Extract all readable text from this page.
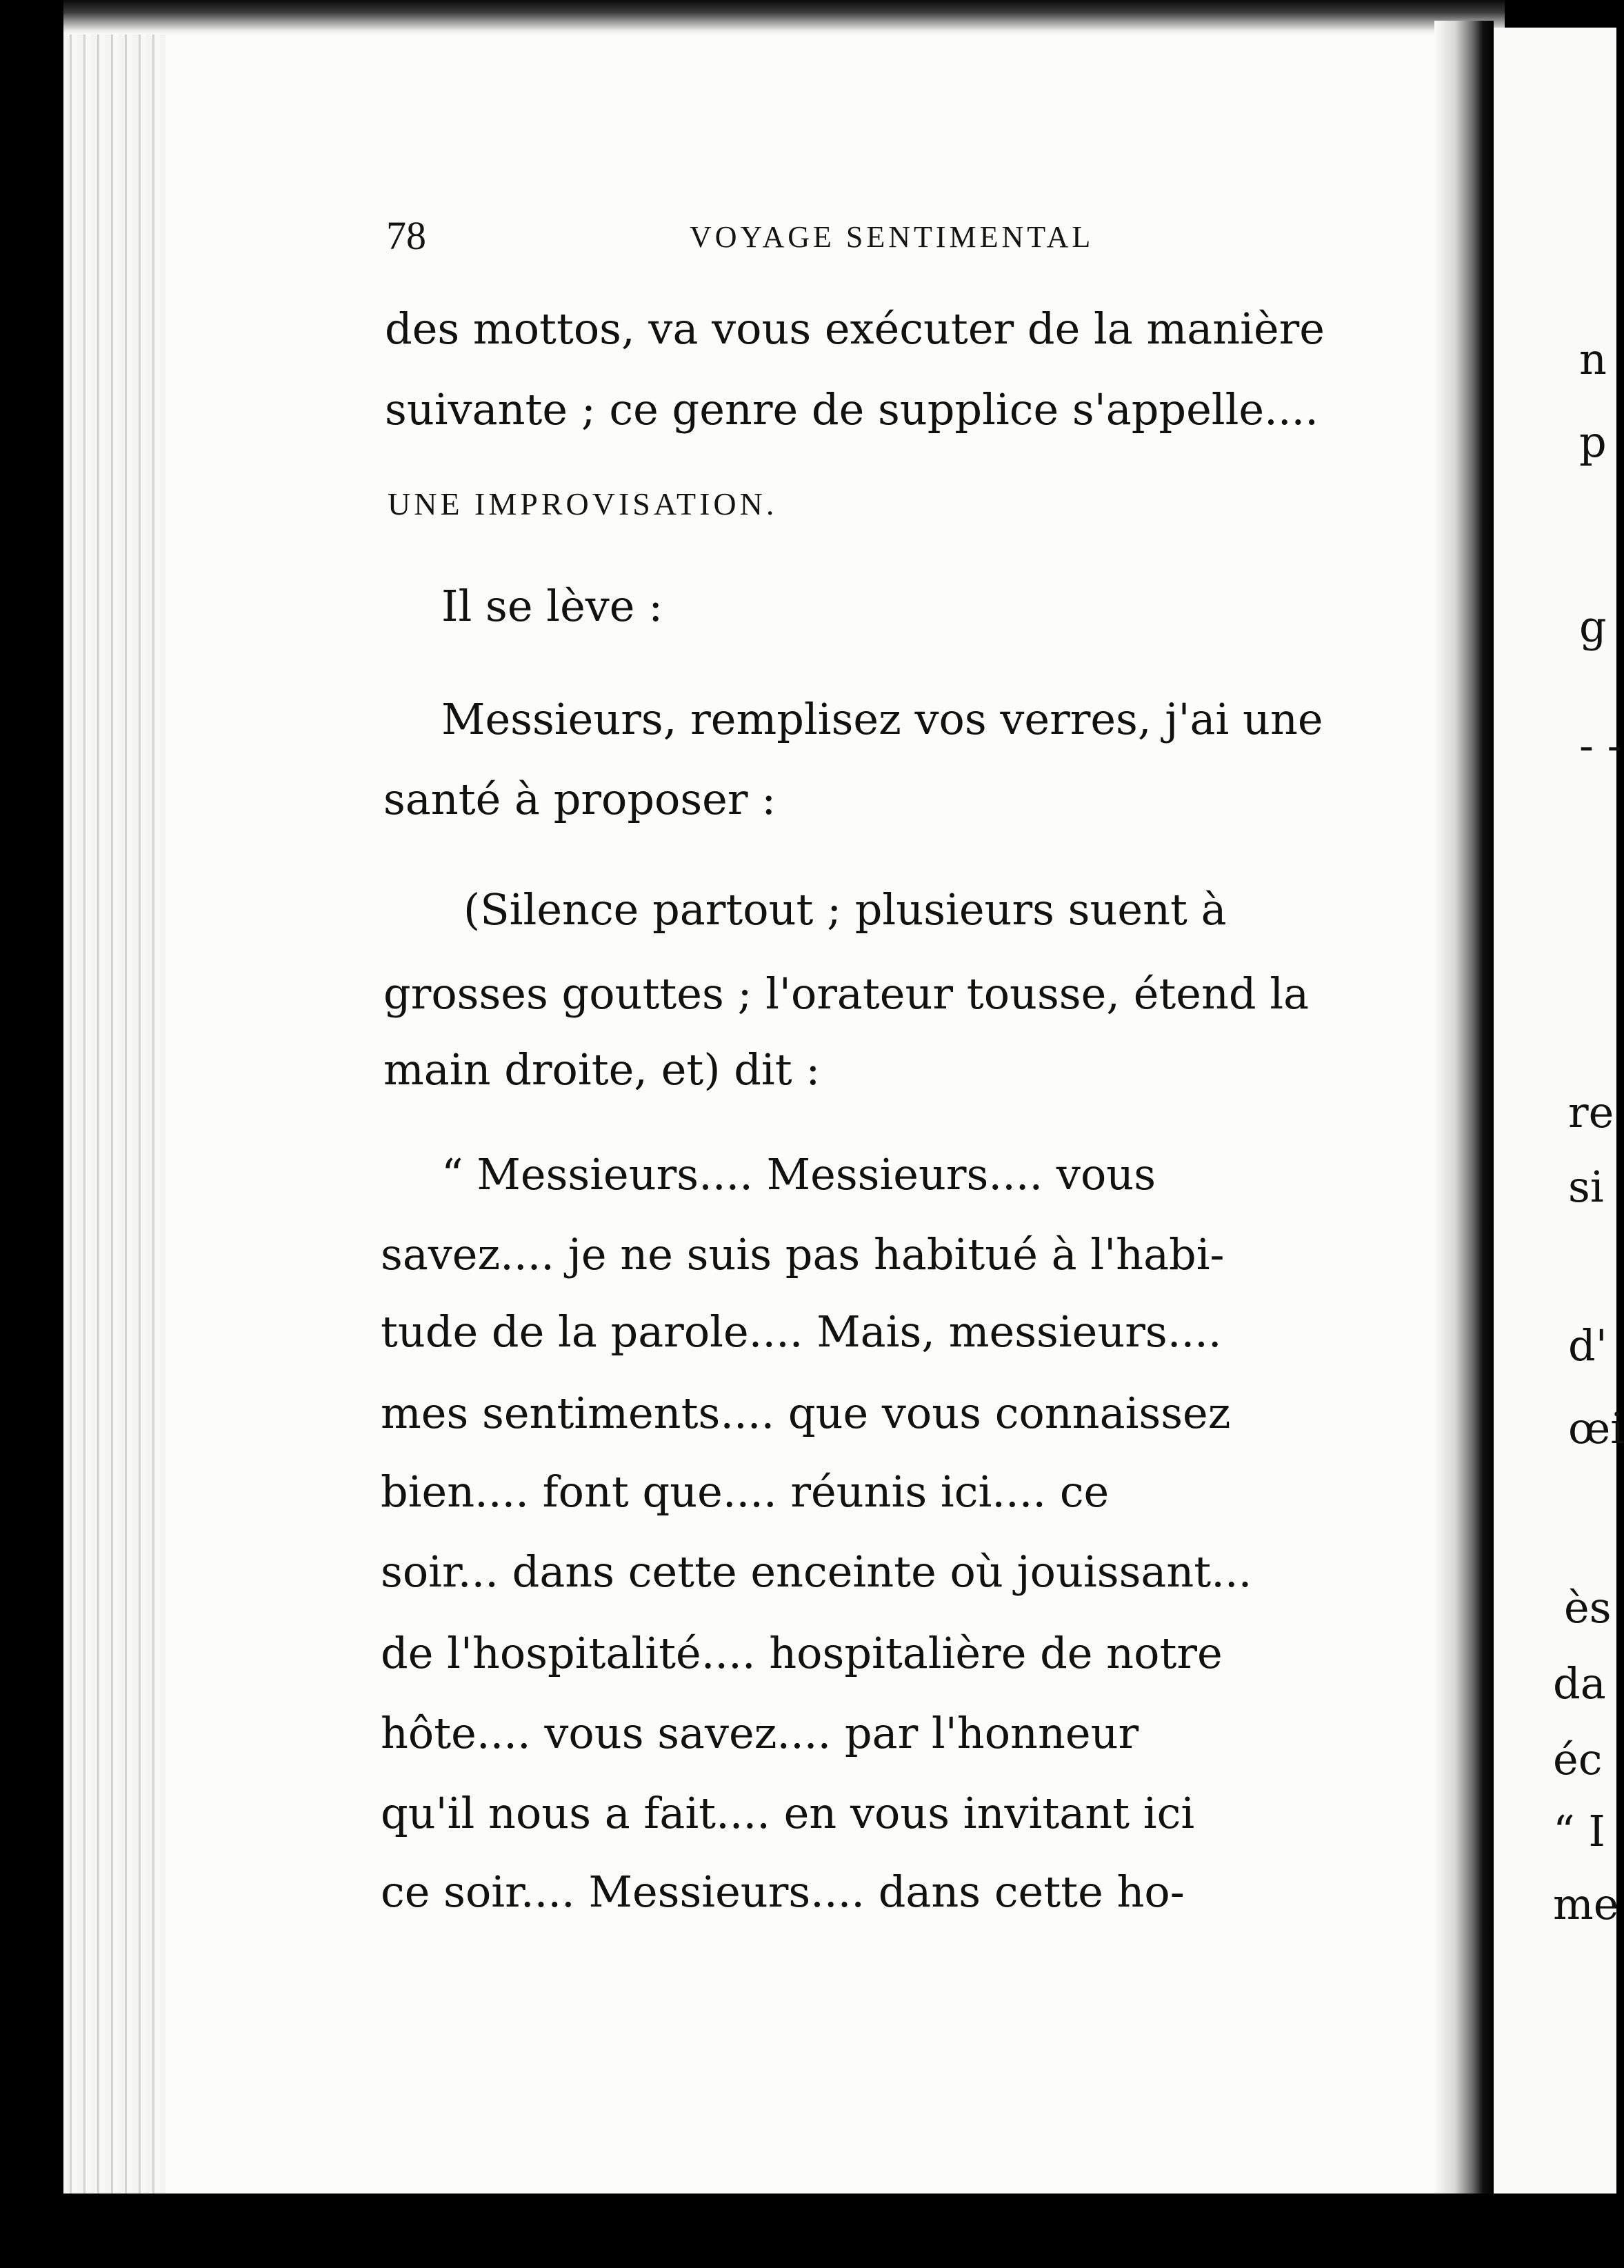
78	VOYAGE SENTIMENTAL
des mottos, va vous exécuter de la manière
suivante ; ce genre de supplice s'appelle....
UNE IMPROVISATION.
Il se lève :
Messieurs, remplisez vos verres, j'ai une
santé à proposer :
(Silence partout ; plusieurs suent à
grosses gouttes ; l'orateur tousse, étend la
main droite, et) dit :
“ Messieurs.... Messieurs.... vous
savez.... je ne suis pas habitué à l'habi-
tude de la parole.... Mais, messieurs....
mes sentiments.... que vous connaissez
bien.... font que.... réunis ici.... ce
soir... dans cette enceinte où jouissant...
de l'hospitalité.... hospitalière de notre
hôte.... vous savez.... par l'honneur
qu'il nous a fait.... en vous invitant ici
ce soir.... Messieurs.... dans cette ho-
n
p
g
- -
re
si
d'
œi
ès
da
éc
“ I
me
